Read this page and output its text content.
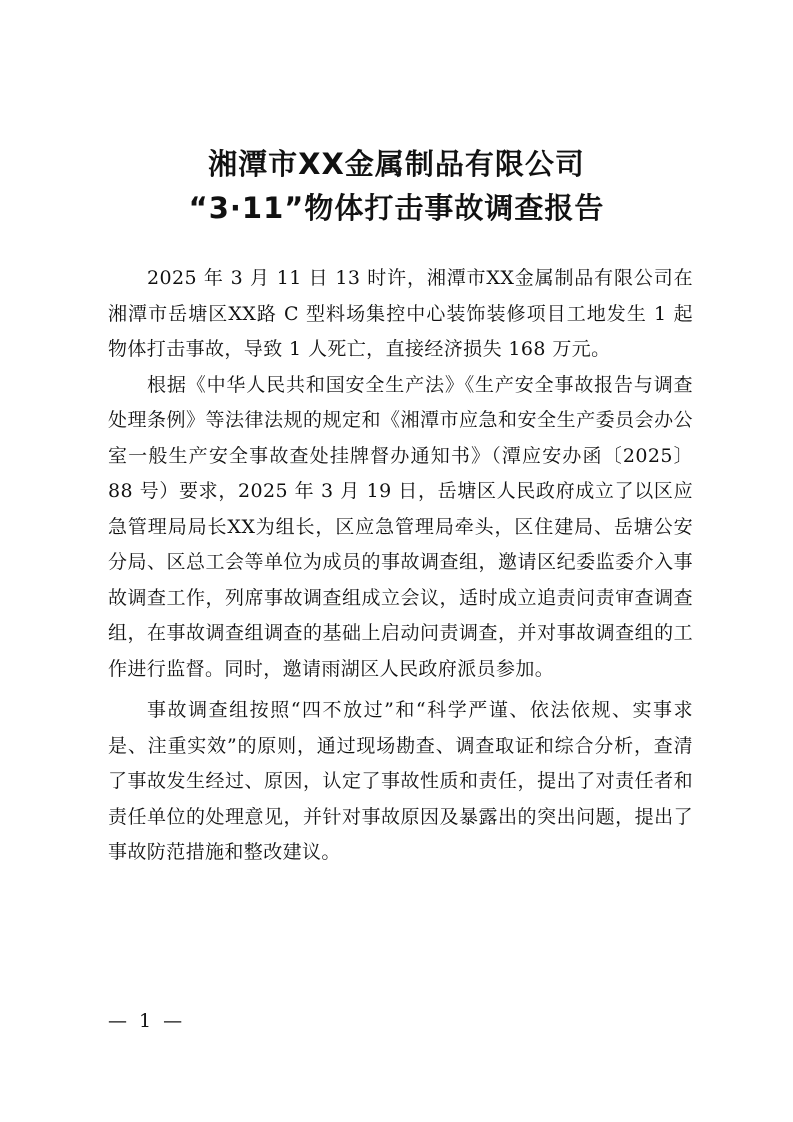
湘潭市XX金属制品有限公司

“3·11”物体打击事故调查报告

2025 年 3 月 11 日 13 时许，湘潭市XX金属制品有限公司在湘潭市岳塘区XX路 C 型料场集控中心装饰装修项目工地发生 1 起物体打击事故，导致 1 人死亡，直接经济损失 168 万元。

根据《中华人民共和国安全生产法》《生产安全事故报告与调查处理条例》等法律法规的规定和《湘潭市应急和安全生产委员会办公室一般生产安全事故查处挂牌督办通知书》（潭应安办函〔2025〕88 号）要求，2025 年 3 月 19 日，岳塘区人民政府成立了以区应急管理局局长XX为组长，区应急管理局牵头，区住建局、岳塘公安分局、区总工会等单位为成员的事故调查组，邀请区纪委监委介入事故调查工作，列席事故调查组成立会议，适时成立追责问责审查调查组，在事故调查组调查的基础上启动问责调查，并对事故调查组的工作进行监督。同时，邀请雨湖区人民政府派员参加。

事故调查组按照“四不放过”和“科学严谨、依法依规、实事求是、注重实效”的原则，通过现场勘查、调查取证和综合分析，查清了事故发生经过、原因，认定了事故性质和责任，提出了对责任者和责任单位的处理意见，并针对事故原因及暴露出的突出问题，提出了事故防范措施和整改建议。

— 1 —
